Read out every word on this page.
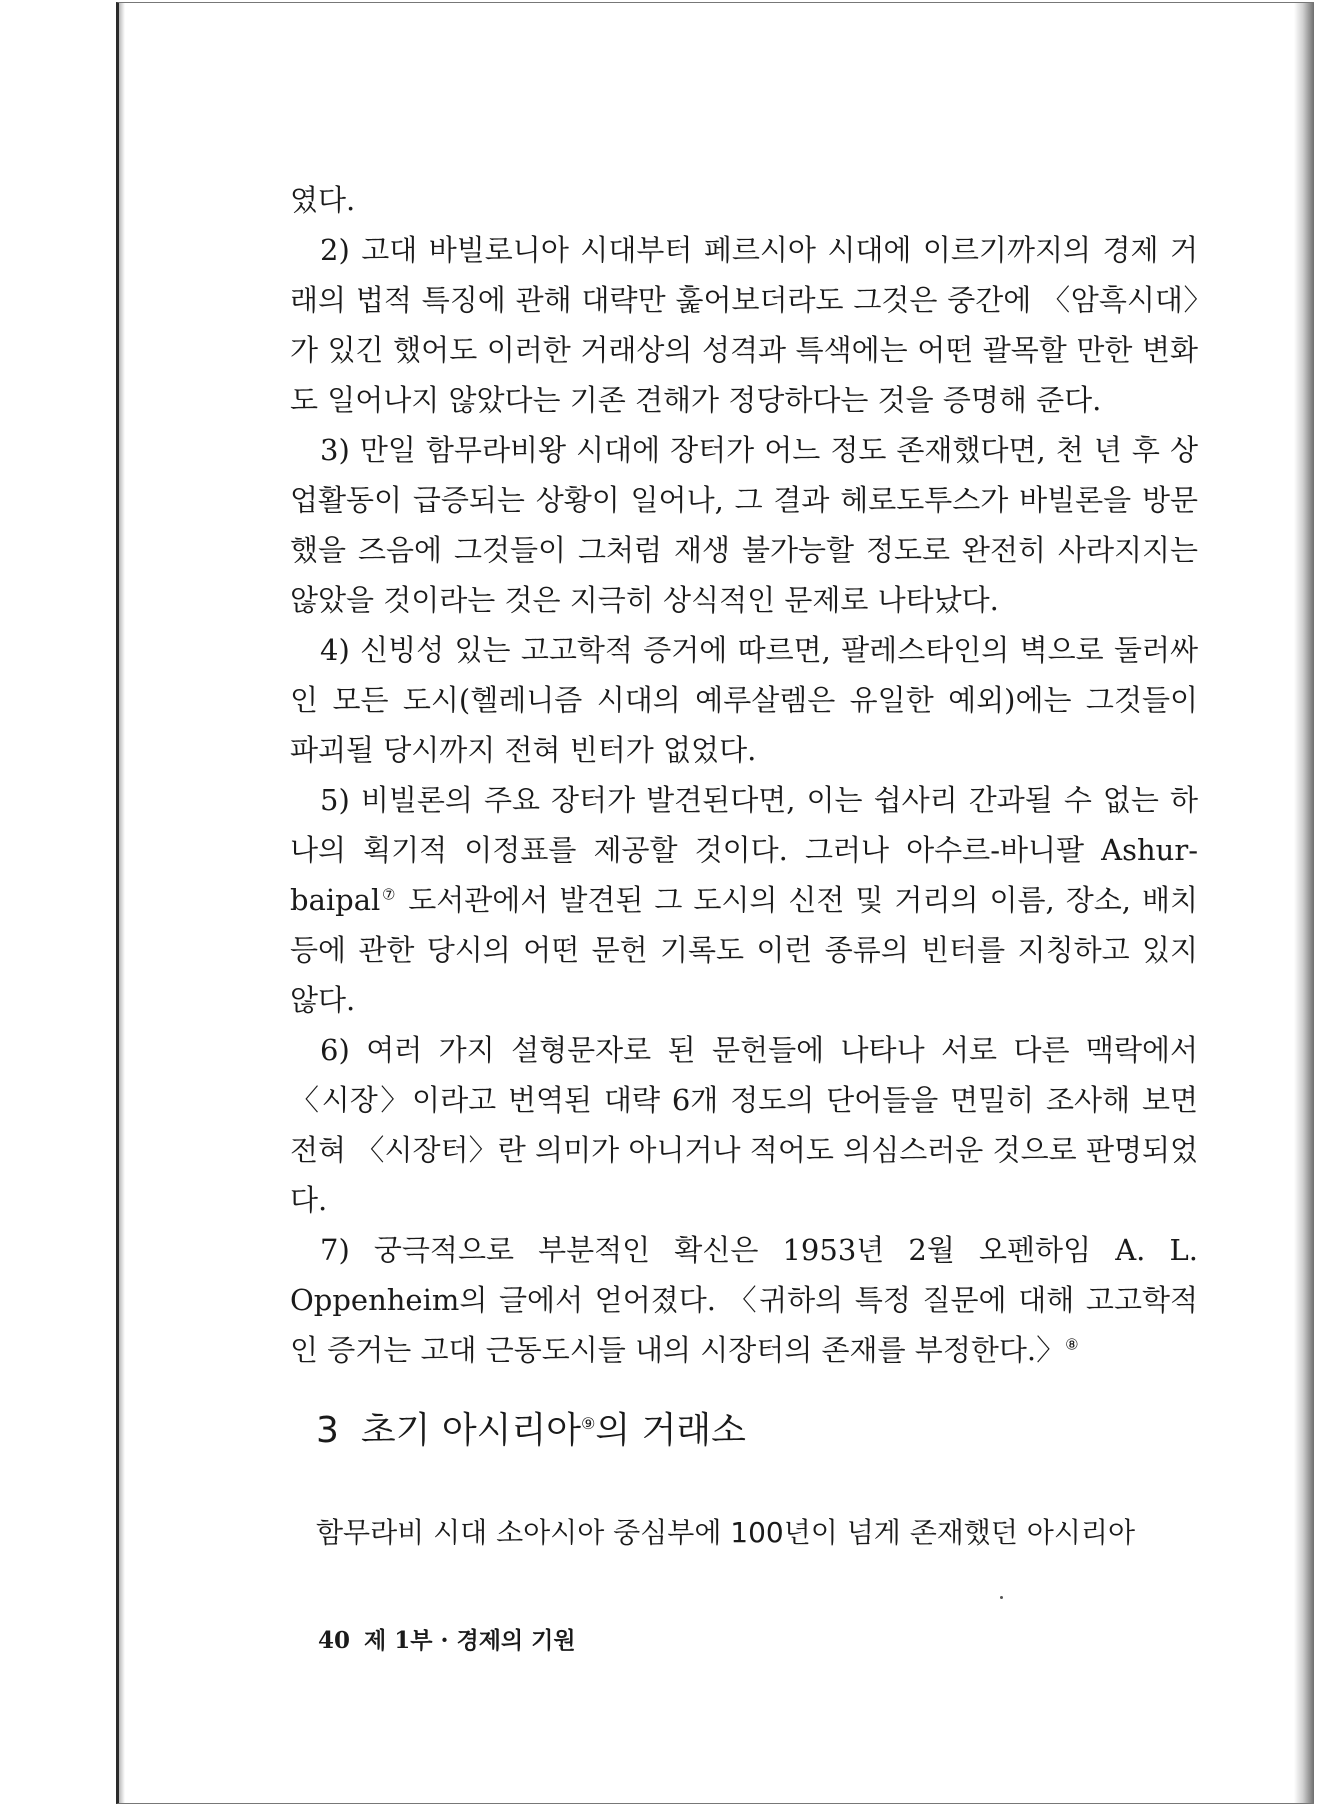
였다.

2) 고대 바빌로니아 시대부터 페르시아 시대에 이르기까지의 경제 거래의 법적 특징에 관해 대략만 훑어보더라도 그것은 중간에 〈암흑시대〉가 있긴 했어도 이러한 거래상의 성격과 특색에는 어떤 괄목할 만한 변화도 일어나지 않았다는 기존 견해가 정당하다는 것을 증명해 준다.

3) 만일 함무라비왕 시대에 장터가 어느 정도 존재했다면, 천 년 후 상업활동이 급증되는 상황이 일어나, 그 결과 헤로도투스가 바빌론을 방문했을 즈음에 그것들이 그처럼 재생 불가능할 정도로 완전히 사라지지는 않았을 것이라는 것은 지극히 상식적인 문제로 나타났다.

4) 신빙성 있는 고고학적 증거에 따르면, 팔레스타인의 벽으로 둘러싸인 모든 도시(헬레니즘 시대의 예루살렘은 유일한 예외)에는 그것들이 파괴될 당시까지 전혀 빈터가 없었다.

5) 비빌론의 주요 장터가 발견된다면, 이는 쉽사리 간과될 수 없는 하나의 획기적 이정표를 제공할 것이다. 그러나 아수르-바니팔 Ashur-baipal⑦ 도서관에서 발견된 그 도시의 신전 및 거리의 이름, 장소, 배치 등에 관한 당시의 어떤 문헌 기록도 이런 종류의 빈터를 지칭하고 있지 않다.

6) 여러 가지 설형문자로 된 문헌들에 나타나 서로 다른 맥락에서 〈시장〉이라고 번역된 대략 6개 정도의 단어들을 면밀히 조사해 보면 전혀 〈시장터〉란 의미가 아니거나 적어도 의심스러운 것으로 판명되었다.

7) 궁극적으로 부분적인 확신은 1953년 2월 오펜하임 A. L. Oppenheim의 글에서 얻어졌다. 〈귀하의 특정 질문에 대해 고고학적인 증거는 고대 근동도시들 내의 시장터의 존재를 부정한다.〉⑧

3 초기 아시리아⑨의 거래소
함무라비 시대 소아시아 중심부에 100년이 넘게 존재했던 아시리아
40 제 1부 · 경제의 기원
